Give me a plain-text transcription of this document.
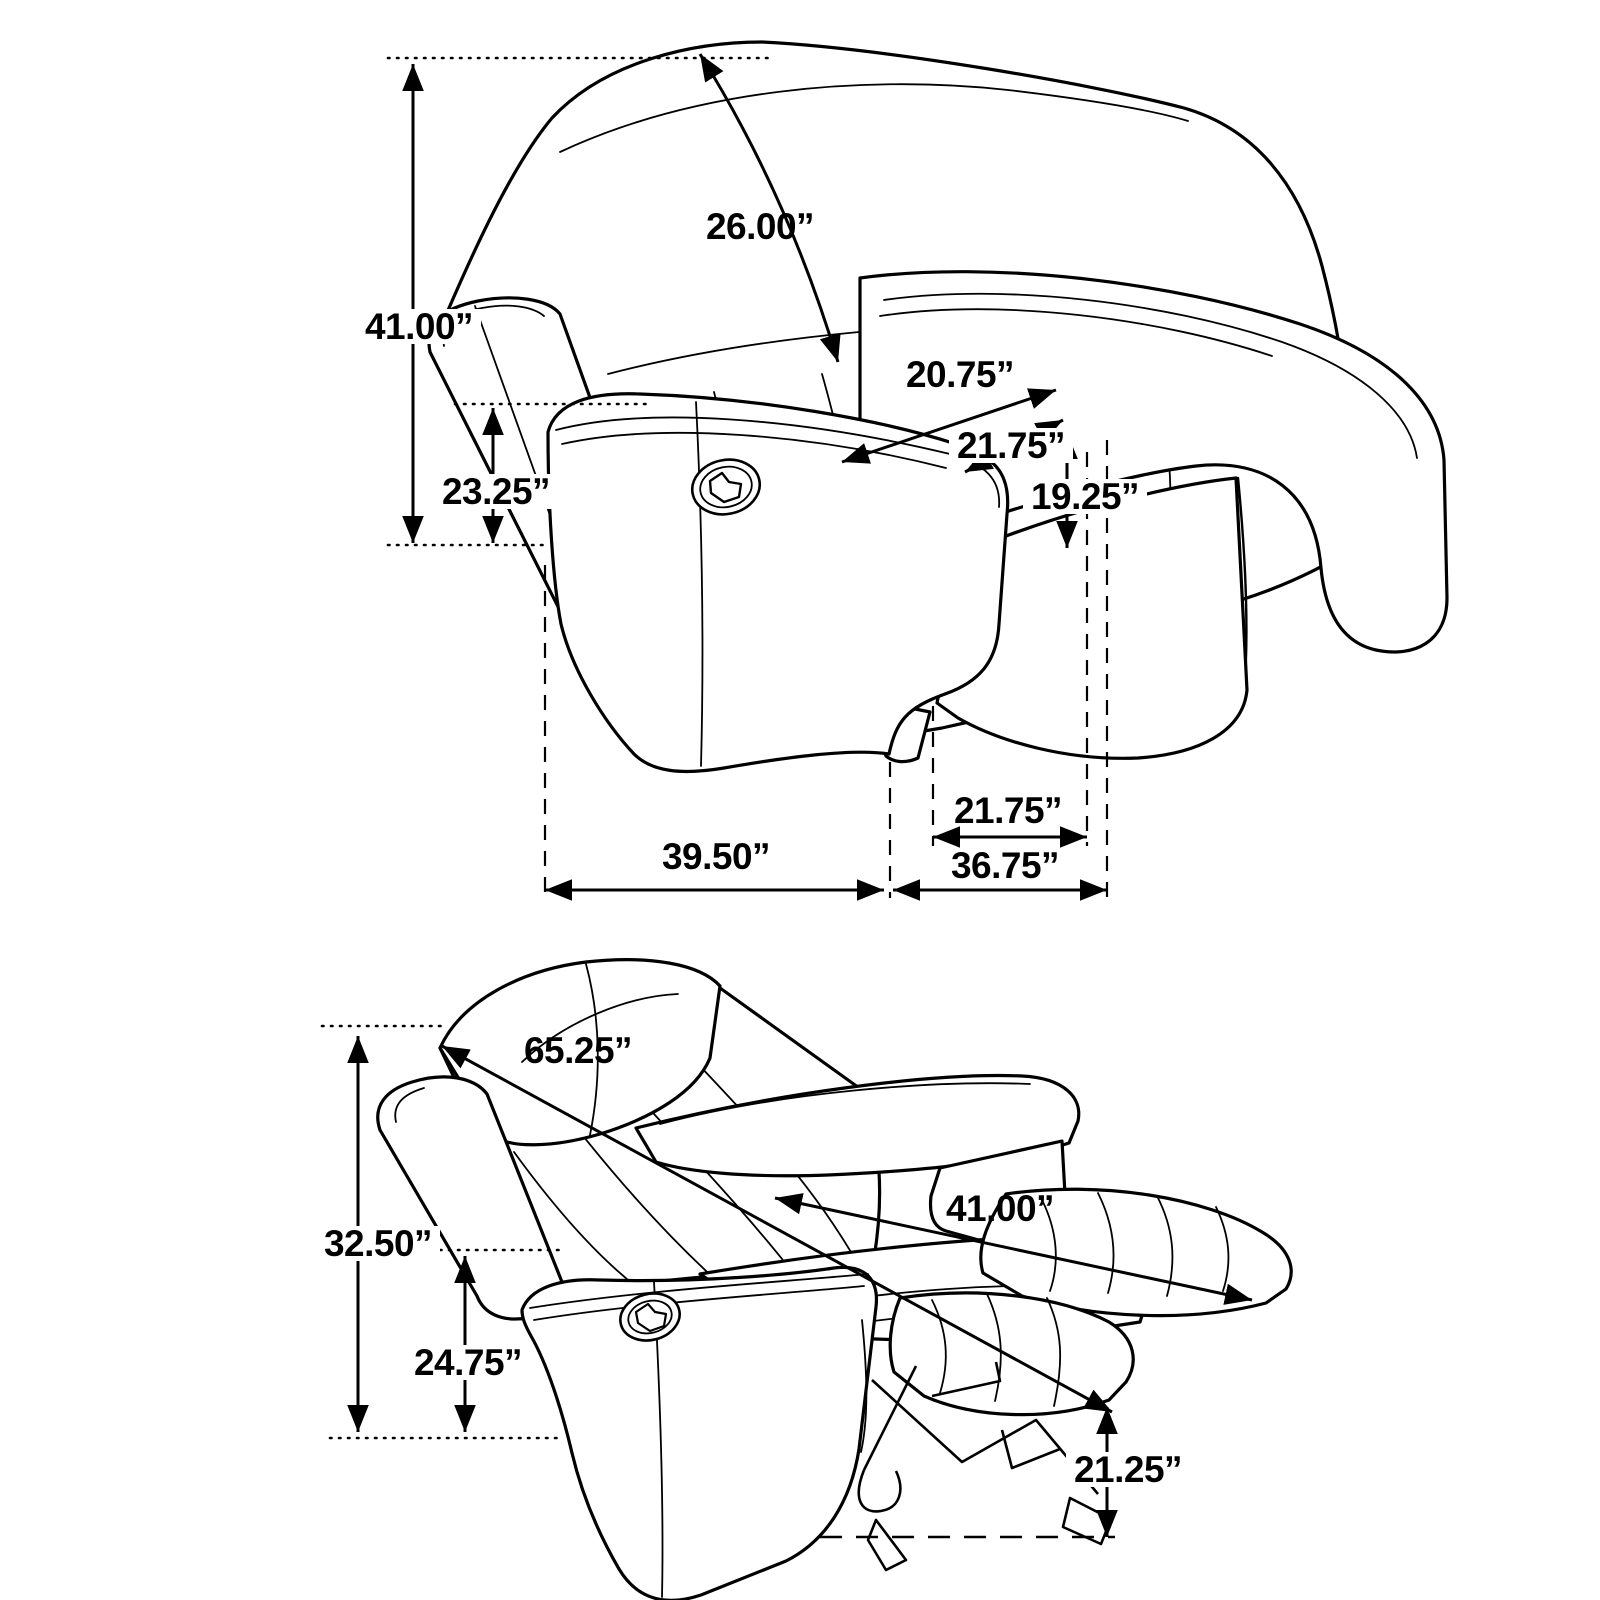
26.00”
41.00”
23.25”
20.75”
21.75”
19.25”
21.75”
39.50”	36.75”
65.25”
32.50”
24.75”
41.00”
21.25”
